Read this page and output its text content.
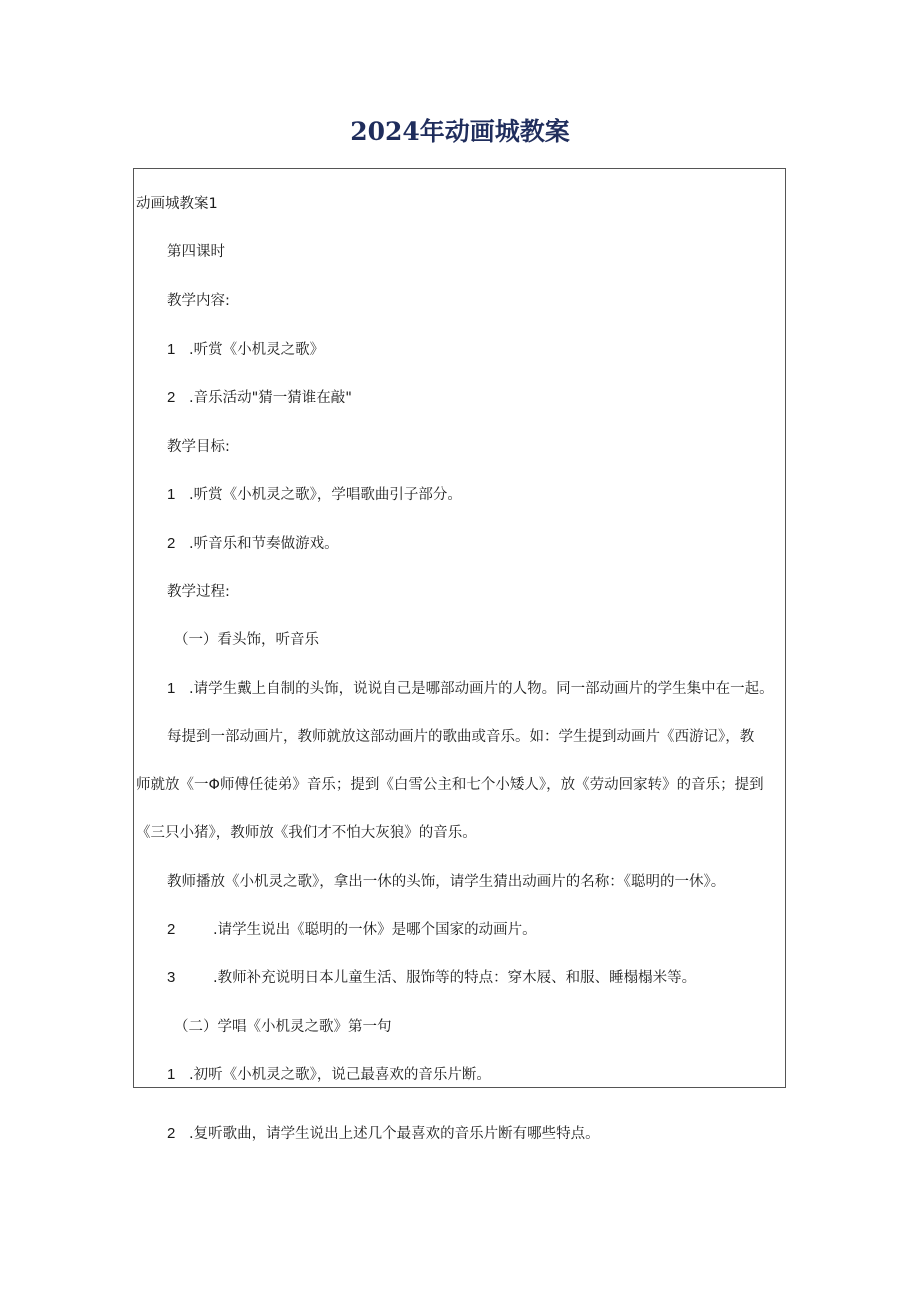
2024年动画城教案
动画城教案1
第四课时
教学内容:
1 .听赏《小机灵之歌》
2 .音乐活动"猜一猜谁在敲"
教学目标:
1 .听赏《小机灵之歌》，学唱歌曲引子部分。
2 .听音乐和节奏做游戏。
教学过程:
（一）看头饰，听音乐
1 .请学生戴上自制的头饰，说说自己是哪部动画片的人物。同一部动画片的学生集中在一起。
每提到一部动画片，教师就放这部动画片的歌曲或音乐。如：学生提到动画片《西游记》，教
师就放《一Φ师傅任徒弟》音乐；提到《白雪公主和七个小矮人》，放《劳动回家转》的音乐；提到
《三只小猪》，教师放《我们才不怕大灰狼》的音乐。
教师播放《小机灵之歌》，拿出一休的头饰，请学生猜出动画片的名称：《聪明的一休》。
2	.请学生说出《聪明的一休》是哪个国家的动画片。
3	.教师补充说明日本儿童生活、服饰等的特点：穿木屐、和服、睡榻榻米等。
（二）学唱《小机灵之歌》第一句
1 .初听《小机灵之歌》，说己最喜欢的音乐片断。
2 .复听歌曲，请学生说出上述几个最喜欢的音乐片断有哪些特点。
